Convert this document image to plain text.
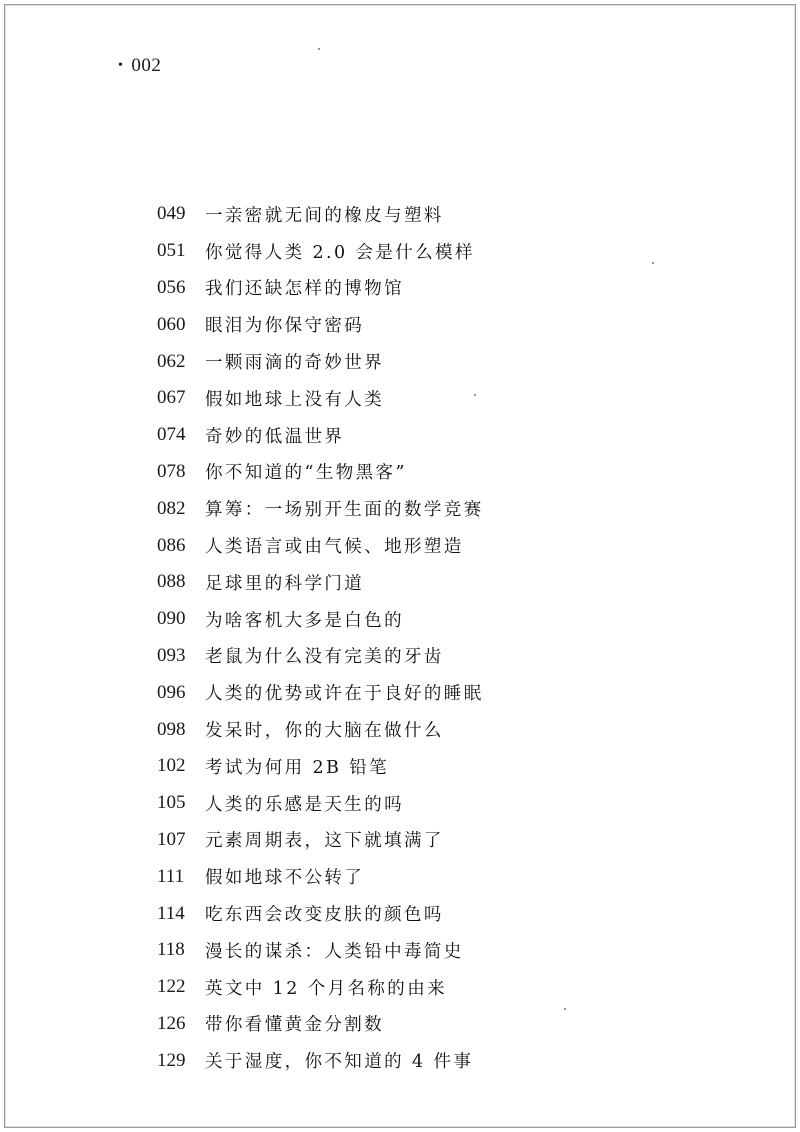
• 002
049	一亲密就无间的橡皮与塑料
051	你觉得人类 2.0 会是什么模样
056	我们还缺怎样的博物馆
060	眼泪为你保守密码
062	一颗雨滴的奇妙世界
067	假如地球上没有人类
074	奇妙的低温世界
078	你不知道的“生物黑客”
082	算筹：一场别开生面的数学竞赛
086	人类语言或由气候、地形塑造
088	足球里的科学门道
090	为啥客机大多是白色的
093	老鼠为什么没有完美的牙齿
096	人类的优势或许在于良好的睡眠
098	发呆时，你的大脑在做什么
102	考试为何用 2B 铅笔
105	人类的乐感是天生的吗
107	元素周期表，这下就填满了
111	假如地球不公转了
114	吃东西会改变皮肤的颜色吗
118	漫长的谋杀：人类铅中毒简史
122	英文中 12 个月名称的由来
126	带你看懂黄金分割数
129	关于湿度，你不知道的 4 件事
